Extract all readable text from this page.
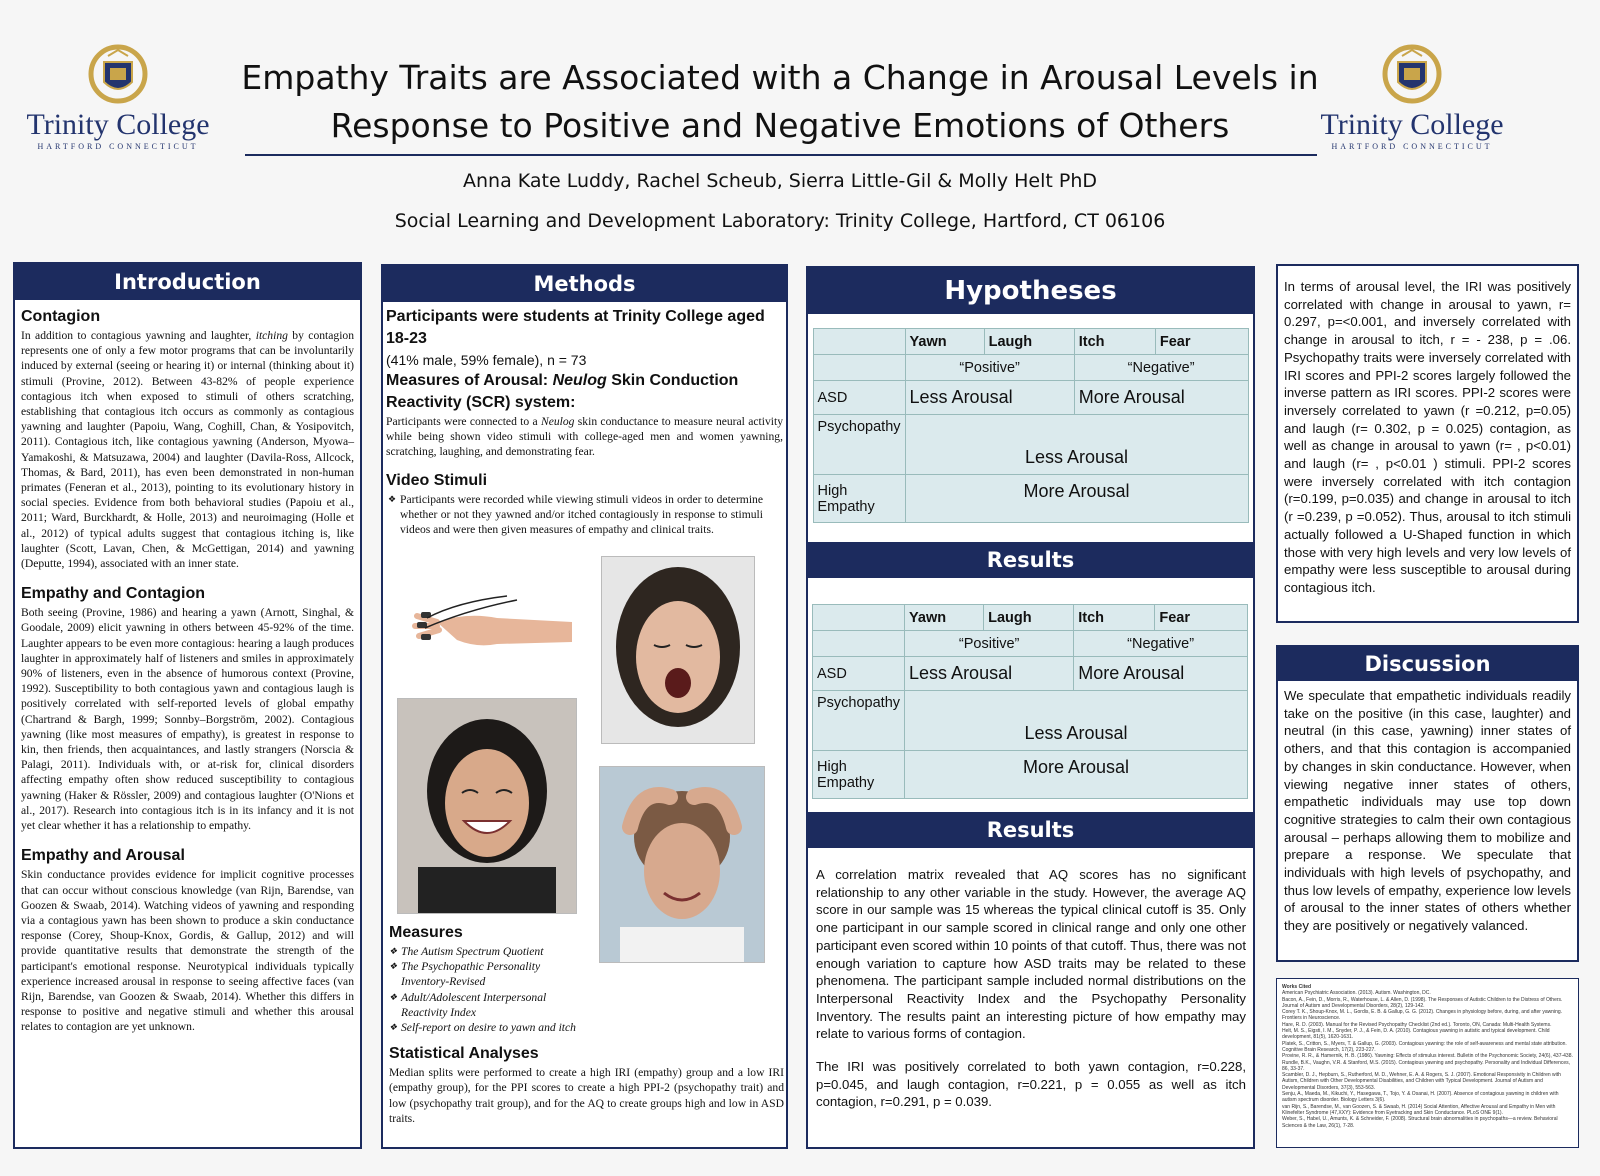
Trinity College
HARTFORD CONNECTICUT
Trinity College
HARTFORD CONNECTICUT
Empathy Traits are Associated with a Change in Arousal Levels in
Response to Positive and Negative Emotions of Others
Anna Kate Luddy, Rachel Scheub, Sierra Little-Gil & Molly Helt PhD
Social Learning and Development Laboratory: Trinity College, Hartford, CT 06106
Introduction
Contagion
In addition to contagious yawning and laughter, itching by contagion represents one of only a few motor programs that can be involuntarily induced by external (seeing or hearing it) or internal (thinking about it) stimuli (Provine, 2012). Between 43-82% of people experience contagious itch when exposed to stimuli of others scratching, establishing that contagious itch occurs as commonly as contagious yawning and laughter (Papoiu, Wang, Coghill, Chan, & Yosipovitch, 2011). Contagious itch, like contagious yawning (Anderson, Myowa–Yamakoshi, & Matsuzawa, 2004) and laughter (Davila-Ross, Allcock, Thomas, & Bard, 2011), has even been demonstrated in non-human primates (Feneran et al., 2013), pointing to its evolutionary history in social species. Evidence from both behavioral studies (Papoiu et al., 2011; Ward, Burckhardt, & Holle, 2013) and neuroimaging (Holle et al., 2012) of typical adults suggest that contagious itching is, like laughter (Scott, Lavan, Chen, & McGettigan, 2014) and yawning (Deputte, 1994), associated with an inner state.
Empathy and Contagion
Both seeing (Provine, 1986) and hearing a yawn (Arnott, Singhal, & Goodale, 2009) elicit yawning in others between 45-92% of the time. Laughter appears to be even more contagious: hearing a laugh produces laughter in approximately half of listeners and smiles in approximately 90% of listeners, even in the absence of humorous context (Provine, 1992). Susceptibility to both contagious yawn and contagious laugh is positively correlated with self-reported levels of global empathy (Chartrand & Bargh, 1999; Sonnby–Borgström, 2002). Contagious yawning (like most measures of empathy), is greatest in response to kin, then friends, then acquaintances, and lastly strangers (Norscia & Palagi, 2011). Individuals with, or at-risk for, clinical disorders affecting empathy often show reduced susceptibility to contagious yawning (Haker & Rössler, 2009) and contagious laughter (O'Nions et al., 2017). Research into contagious itch is in its infancy and it is not yet clear whether it has a relationship to empathy.
Empathy and Arousal
Skin conductance provides evidence for implicit cognitive processes that can occur without conscious knowledge (van Rijn, Barendse, van Goozen & Swaab, 2014). Watching videos of yawning and responding via a contagious yawn has been shown to produce a skin conductance response (Corey, Shoup-Knox, Gordis, & Gallup, 2012) and will provide quantitative results that demonstrate the strength of the participant's emotional response. Neurotypical individuals typically experience increased arousal in response to seeing affective faces (van Rijn, Barendse, van Goozen & Swaab, 2014). Whether this differs in response to positive and negative stimuli and whether this arousal relates to contagion are yet unknown.
Methods
Participants were students at Trinity College aged 18-23
(41% male, 59% female), n = 73
Measures of Arousal: Neulog Skin Conduction Reactivity (SCR) system:
Participants were connected to a Neulog skin conductance to measure neural activity while being shown video stimuli with college-aged men and women yawning, scratching, laughing, and demonstrating fear.
Video Stimuli
❖ Participants were recorded while viewing stimuli videos in order to determine whether or not they yawned and/or itched contagiously in response to stimuli videos and were then given measures of empathy and clinical traits.
Measures
❖ The Autism Spectrum Quotient
❖ The Psychopathic Personality Inventory-Revised
❖ Adult/Adolescent Interpersonal Reactivity Index
❖ Self-report on desire to yawn and itch
Statistical Analyses
Median splits were performed to create a high IRI (empathy) group and a low IRI (empathy group), for the PPI scores to create a high PPI-2 (psychopathy trait) and low (psychopathy trait group), and for the AQ to create groups high and low in ASD traits.
Hypotheses
	Yawn	Laugh	Itch	Fear
	“Positive”		“Negative”	
ASD	Less Arousal		More Arousal	
Psychopathy	Less Arousal			
High Empathy	More Arousal			
Results
	Yawn	Laugh	Itch	Fear
	“Positive”		“Negative”	
ASD	Less Arousal		More Arousal	
Psychopathy	Less Arousal			
High Empathy	More Arousal			
Results
A correlation matrix revealed that AQ scores has no significant relationship to any other variable in the study. However, the average AQ score in our sample was 15 whereas the typical clinical cutoff is 35. Only one participant in our sample scored in clinical range and only one other participant even scored within 10 points of that cutoff. Thus, there was not enough variation to capture how ASD traits may be related to these phenomena. The participant sample included normal distributions on the Interpersonal Reactivity Index and the Psychopathy Personality Inventory. The results paint an interesting picture of how empathy may relate to various forms of contagion.
The IRI was positively correlated to both yawn contagion, r=0.228, p=0.045, and laugh contagion, r=0.221, p = 0.055 as well as itch contagion, r=0.291, p = 0.039.
In terms of arousal level, the IRI was positively correlated with change in arousal to yawn, r= 0.297, p=<0.001, and inversely correlated with change in arousal to itch, r = - 238, p = .06. Psychopathy traits were inversely correlated with IRI scores and PPI-2 scores largely followed the inverse pattern as IRI scores. PPI-2 scores were inversely correlated to yawn (r =0.212, p=0.05) and laugh (r= 0.302, p = 0.025) contagion, as well as change in arousal to yawn (r= , p<0.01) and laugh (r= , p<0.01 ) stimuli. PPI-2 scores were inversely correlated with itch contagion (r=0.199, p=0.035) and change in arousal to itch (r =0.239, p =0.052). Thus, arousal to itch stimuli actually followed a U-Shaped function in which those with very high levels and very low levels of empathy were less susceptible to arousal during contagious itch.
Discussion
We speculate that empathetic individuals readily take on the positive (in this case, laughter) and neutral (in this case, yawning) inner states of others, and that this contagion is accompanied by changes in skin conductance. However, when viewing negative inner states of others, empathetic individuals may use top down cognitive strategies to calm their own contagious arousal – perhaps allowing them to mobilize and prepare a response. We speculate that individuals with high levels of psychopathy, and thus low levels of empathy, experience low levels of arousal to the inner states of others whether they are positively or negatively valanced.
Works Cited
American Psychiatric Association. (2013). Autism. Washington, DC.
Bacon, A., Fein, D., Morris, R., Waterhouse, L. & Allen, D. (1998). The Responses of Autistic Children to the Distress of Others. Journal of Autism and Developmental Disorders, 28(2), 129-142.
Corey T. K., Shoup-Knox, M. L., Gordis, E. B. & Gallup, G. G. (2012). Changes in physiology before, during, and after yawning. Frontiers in Neuroscience.
Hare, R. D. (2003). Manual for the Revised Psychopathy Checklist (2nd ed.). Toronto, ON, Canada: Multi-Health Systems.
Helt, M. S., Eigsti, I. M., Snyder, P. J., & Fein, D. A. (2010). Contagious yawning in autistic and typical development. Child development, 81(5), 1620-1631.
Platek, S., Critton, S., Myers, T. & Gallup, G. (2003). Contagious yawning: the role of self-awareness and mental state attribution. Cognitive Brain Research, 17(2), 223-227.
Provine, R. R., & Hamernik, H. B. (1986). Yawning: Effects of stimulus interest. Bulletin of the Psychonomic Society, 24(6), 437-438.
Rundle, B.K., Vaughn, V.R. & Stanford, M.S. (2015). Contagious yawning and psychopathy. Personality and Individual Differences, 86, 33-37.
Scambler, D. J., Hepburn, S., Rutherford, M. D., Wehner, E. A. & Rogers, S. J. (2007). Emotional Responsivity in Children with Autism, Children with Other Developmental Disabilities, and Children with Typical Development. Journal of Autism and Developmental Disorders, 37(3), 553-563.
Senju, A., Maeda, M., Kikuchi, Y., Hasegawa, T., Tojo, Y. & Osanai, H. (2007). Absence of contagious yawning in children with autism spectrum disorder. Biology Letters 3(6).
van Rijn, S., Barendse, M., van Goozen, S. & Swaab, H. (2014) Social Attention, Affective Arousal and Empathy in Men with Klinefelter Syndrome (47,XXY): Evidence from Eyetracking and Skin Conductance. PLoS ONE 9(1).
Weber, S., Habel, U., Amunts, K. & Schneider, F. (2008). Structural brain abnormalities in psychopaths—a review. Behavioral Sciences & the Law, 26(1), 7-28.
